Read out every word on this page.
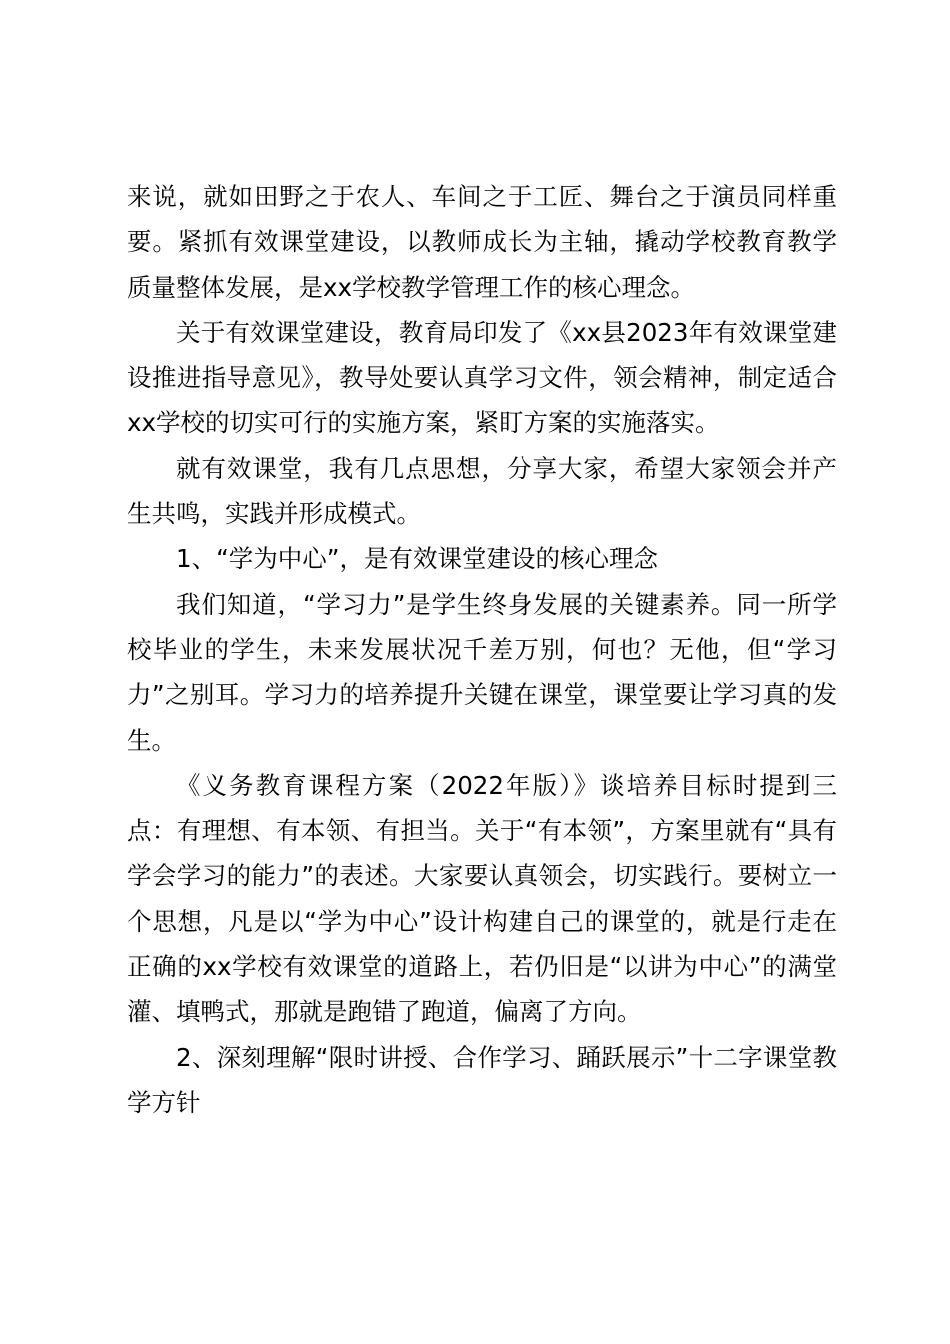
来说，就如田野之于农人、车间之于工匠、舞台之于演员同样重要。紧抓有效课堂建设，以教师成长为主轴，撬动学校教育教学质量整体发展，是xx学校教学管理工作的核心理念。

关于有效课堂建设，教育局印发了《xx县2023年有效课堂建设推进指导意见》，教导处要认真学习文件，领会精神，制定适合xx学校的切实可行的实施方案，紧盯方案的实施落实。

就有效课堂，我有几点思想，分享大家，希望大家领会并产生共鸣，实践并形成模式。

1、“学为中心”，是有效课堂建设的核心理念

我们知道，“学习力”是学生终身发展的关键素养。同一所学校毕业的学生，未来发展状况千差万别，何也？无他，但“学习力”之别耳。学习力的培养提升关键在课堂，课堂要让学习真的发生。

《义务教育课程方案（2022年版）》谈培养目标时提到三点：有理想、有本领、有担当。关于“有本领”，方案里就有“具有学会学习的能力”的表述。大家要认真领会，切实践行。要树立一个思想，凡是以“学为中心”设计构建自己的课堂的，就是行走在正确的xx学校有效课堂的道路上，若仍旧是“以讲为中心”的满堂灌、填鸭式，那就是跑错了跑道，偏离了方向。

2、深刻理解“限时讲授、合作学习、踊跃展示”十二字课堂教学方针
